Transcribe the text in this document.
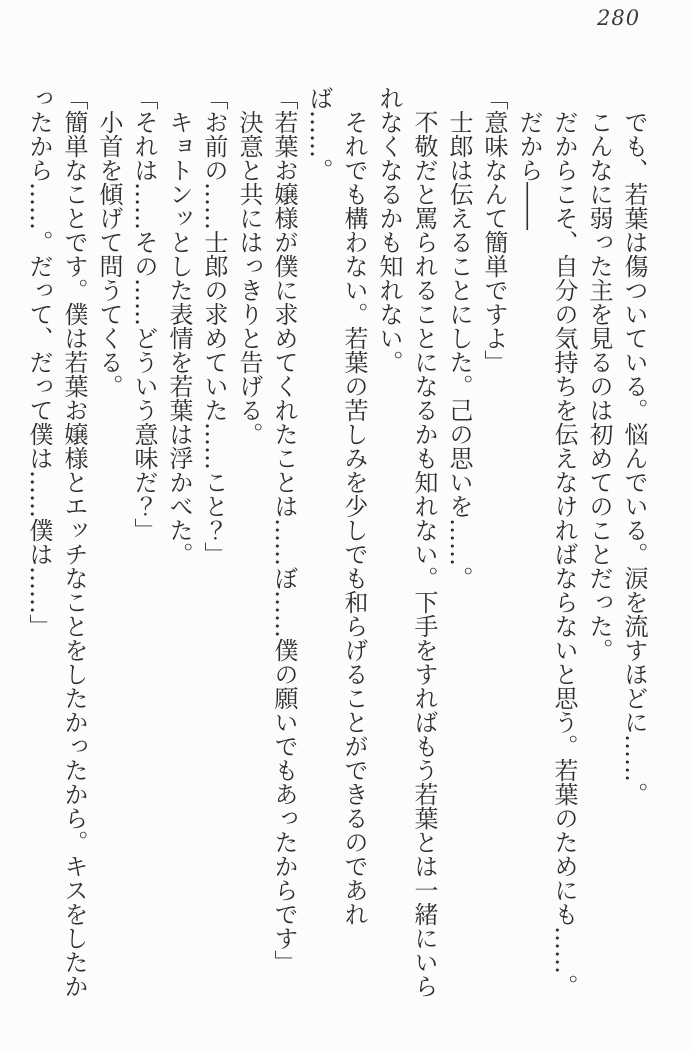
280

でも、若葉は傷ついている。悩んでいる。涙を流すほどに……。

こんなに弱った主を見るのは初めてのことだった。

だからこそ、自分の気持ちを伝えなければならないと思う。若葉のためにも……。

だから――

「意味なんて簡単ですよ」

士郎は伝えることにした。己の思いを……。

不敬だと罵られることになるかも知れない。下手をすればもう若葉とは一緒にいられなくなるかも知れない。

それでも構わない。若葉の苦しみを少しでも和らげることができるのであれば……。

「若葉お嬢様が僕に求めてくれたことは……ぼ……僕の願いでもあったからです」

決意と共にはっきりと告げる。

「お前の……士郎の求めていた……こと？」

キョトンッとした表情を若葉は浮かべた。

「それは……その……どういう意味だ？」

小首を傾げて問うてくる。

「簡単なことです。僕は若葉お嬢様とエッチなことをしたかったから。キスをしたかったから……。だって、だって僕は……僕は……」
